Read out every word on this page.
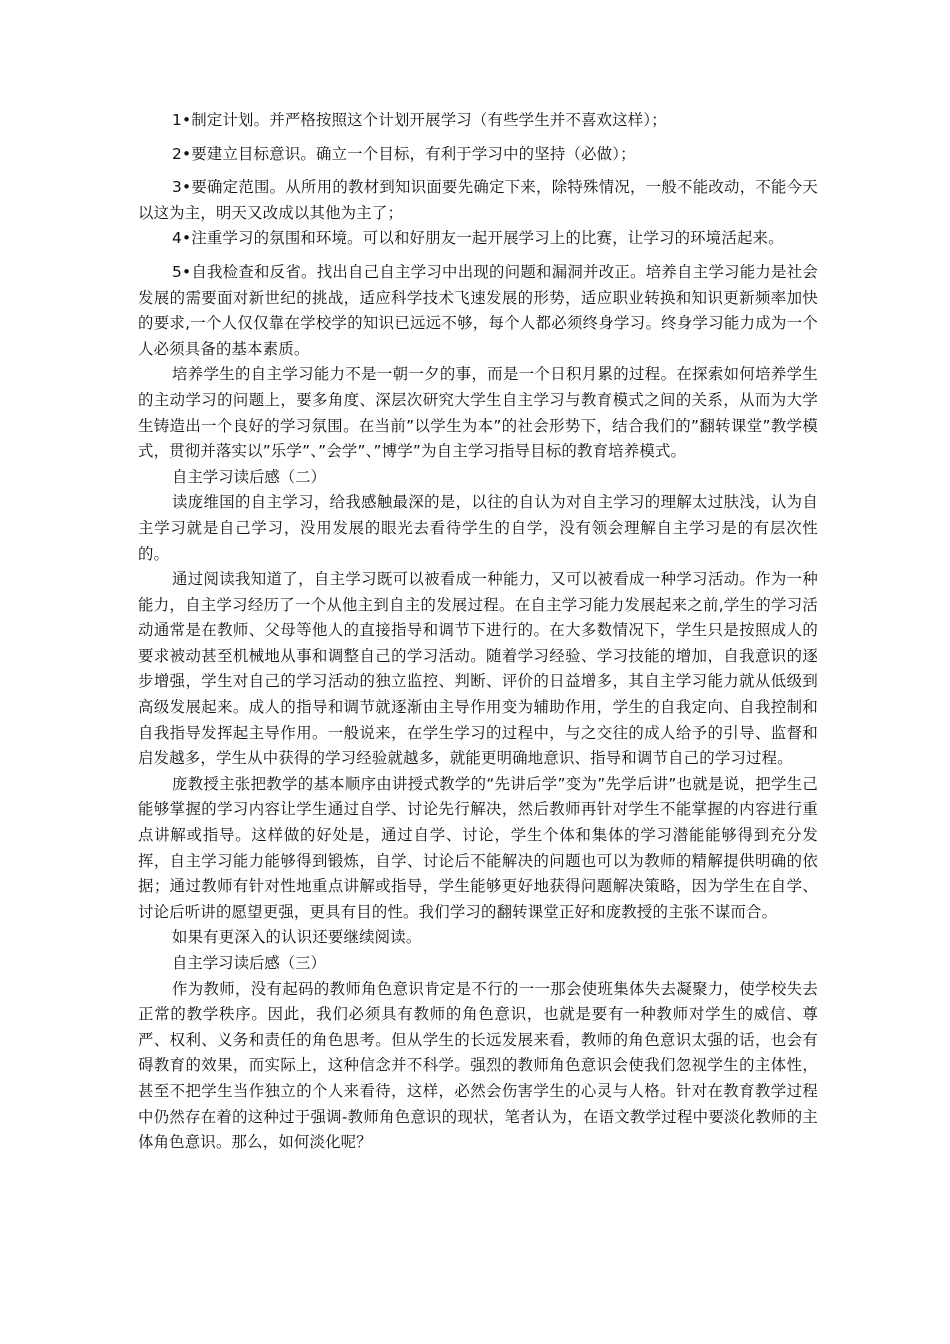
1•制定计划。并严格按照这个计划开展学习（有些学生并不喜欢这样）；

2•要建立目标意识。确立一个目标，有利于学习中的坚持（必做）；

3•要确定范围。从所用的教材到知识面要先确定下来，除特殊情况，一般不能改动，不能今天以这为主，明天又改成以其他为主了；

4•注重学习的氛围和环境。可以和好朋友一起开展学习上的比赛，让学习的环境活起来。

5•自我检查和反省。找出自己自主学习中出现的问题和漏洞并改正。培养自主学习能力是社会发展的需要面对新世纪的挑战，适应科学技术飞速发展的形势，适应职业转换和知识更新频率加快的要求,一个人仅仅靠在学校学的知识已远远不够，每个人都必须终身学习。终身学习能力成为一个人必须具备的基本素质。

培养学生的自主学习能力不是一朝一夕的事，而是一个日积月累的过程。在探索如何培养学生的主动学习的问题上，要多角度、深层次研究大学生自主学习与教育模式之间的关系，从而为大学生铸造出一个良好的学习氛围。在当前”以学生为本”的社会形势下，结合我们的”翻转课堂”教学模式，贯彻并落实以”乐学”、”会学”、”博学”为自主学习指导目标的教育培养模式。

自主学习读后感（二）

读庞维国的自主学习，给我感触最深的是，以往的自认为对自主学习的理解太过肤浅，认为自主学习就是自己学习，没用发展的眼光去看待学生的自学，没有领会理解自主学习是的有层次性的。

通过阅读我知道了，自主学习既可以被看成一种能力，又可以被看成一种学习活动。作为一种能力，自主学习经历了一个从他主到自主的发展过程。在自主学习能力发展起来之前,学生的学习活动通常是在教师、父母等他人的直接指导和调节下进行的。在大多数情况下，学生只是按照成人的要求被动甚至机械地从事和调整自己的学习活动。随着学习经验、学习技能的增加，自我意识的逐步增强，学生对自己的学习活动的独立监控、判断、评价的日益增多，其自主学习能力就从低级到高级发展起来。成人的指导和调节就逐渐由主导作用变为辅助作用，学生的自我定向、自我控制和自我指导发挥起主导作用。一般说来，在学生学习的过程中，与之交往的成人给予的引导、监督和启发越多，学生从中获得的学习经验就越多，就能更明确地意识、指导和调节自己的学习过程。

庞教授主张把教学的基本顺序由讲授式教学的“先讲后学”变为”先学后讲”也就是说，把学生己能够掌握的学习内容让学生通过自学、讨论先行解决，然后教师再针对学生不能掌握的内容进行重点讲解或指导。这样做的好处是，通过自学、讨论，学生个体和集体的学习潜能能够得到充分发挥，自主学习能力能够得到锻炼，自学、讨论后不能解决的问题也可以为教师的精解提供明确的依据；通过教师有针对性地重点讲解或指导，学生能够更好地获得问题解决策略，因为学生在自学、讨论后听讲的愿望更强，更具有目的性。我们学习的翻转课堂正好和庞教授的主张不谋而合。

如果有更深入的认识还要继续阅读。

自主学习读后感（三）

作为教师，没有起码的教师角色意识肯定是不行的一一那会使班集体失去凝聚力，使学校失去正常的教学秩序。因此，我们必须具有教师的角色意识，也就是要有一种教师对学生的威信、尊严、权利、义务和责任的角色思考。但从学生的长远发展来看，教师的角色意识太强的话，也会有碍教育的效果，而实际上，这种信念并不科学。强烈的教师角色意识会使我们忽视学生的主体性，甚至不把学生当作独立的个人来看待，这样，必然会伤害学生的心灵与人格。针对在教育教学过程中仍然存在着的这种过于强调-教师角色意识的现状，笔者认为，在语文教学过程中要淡化教师的主体角色意识。那么，如何淡化呢？
